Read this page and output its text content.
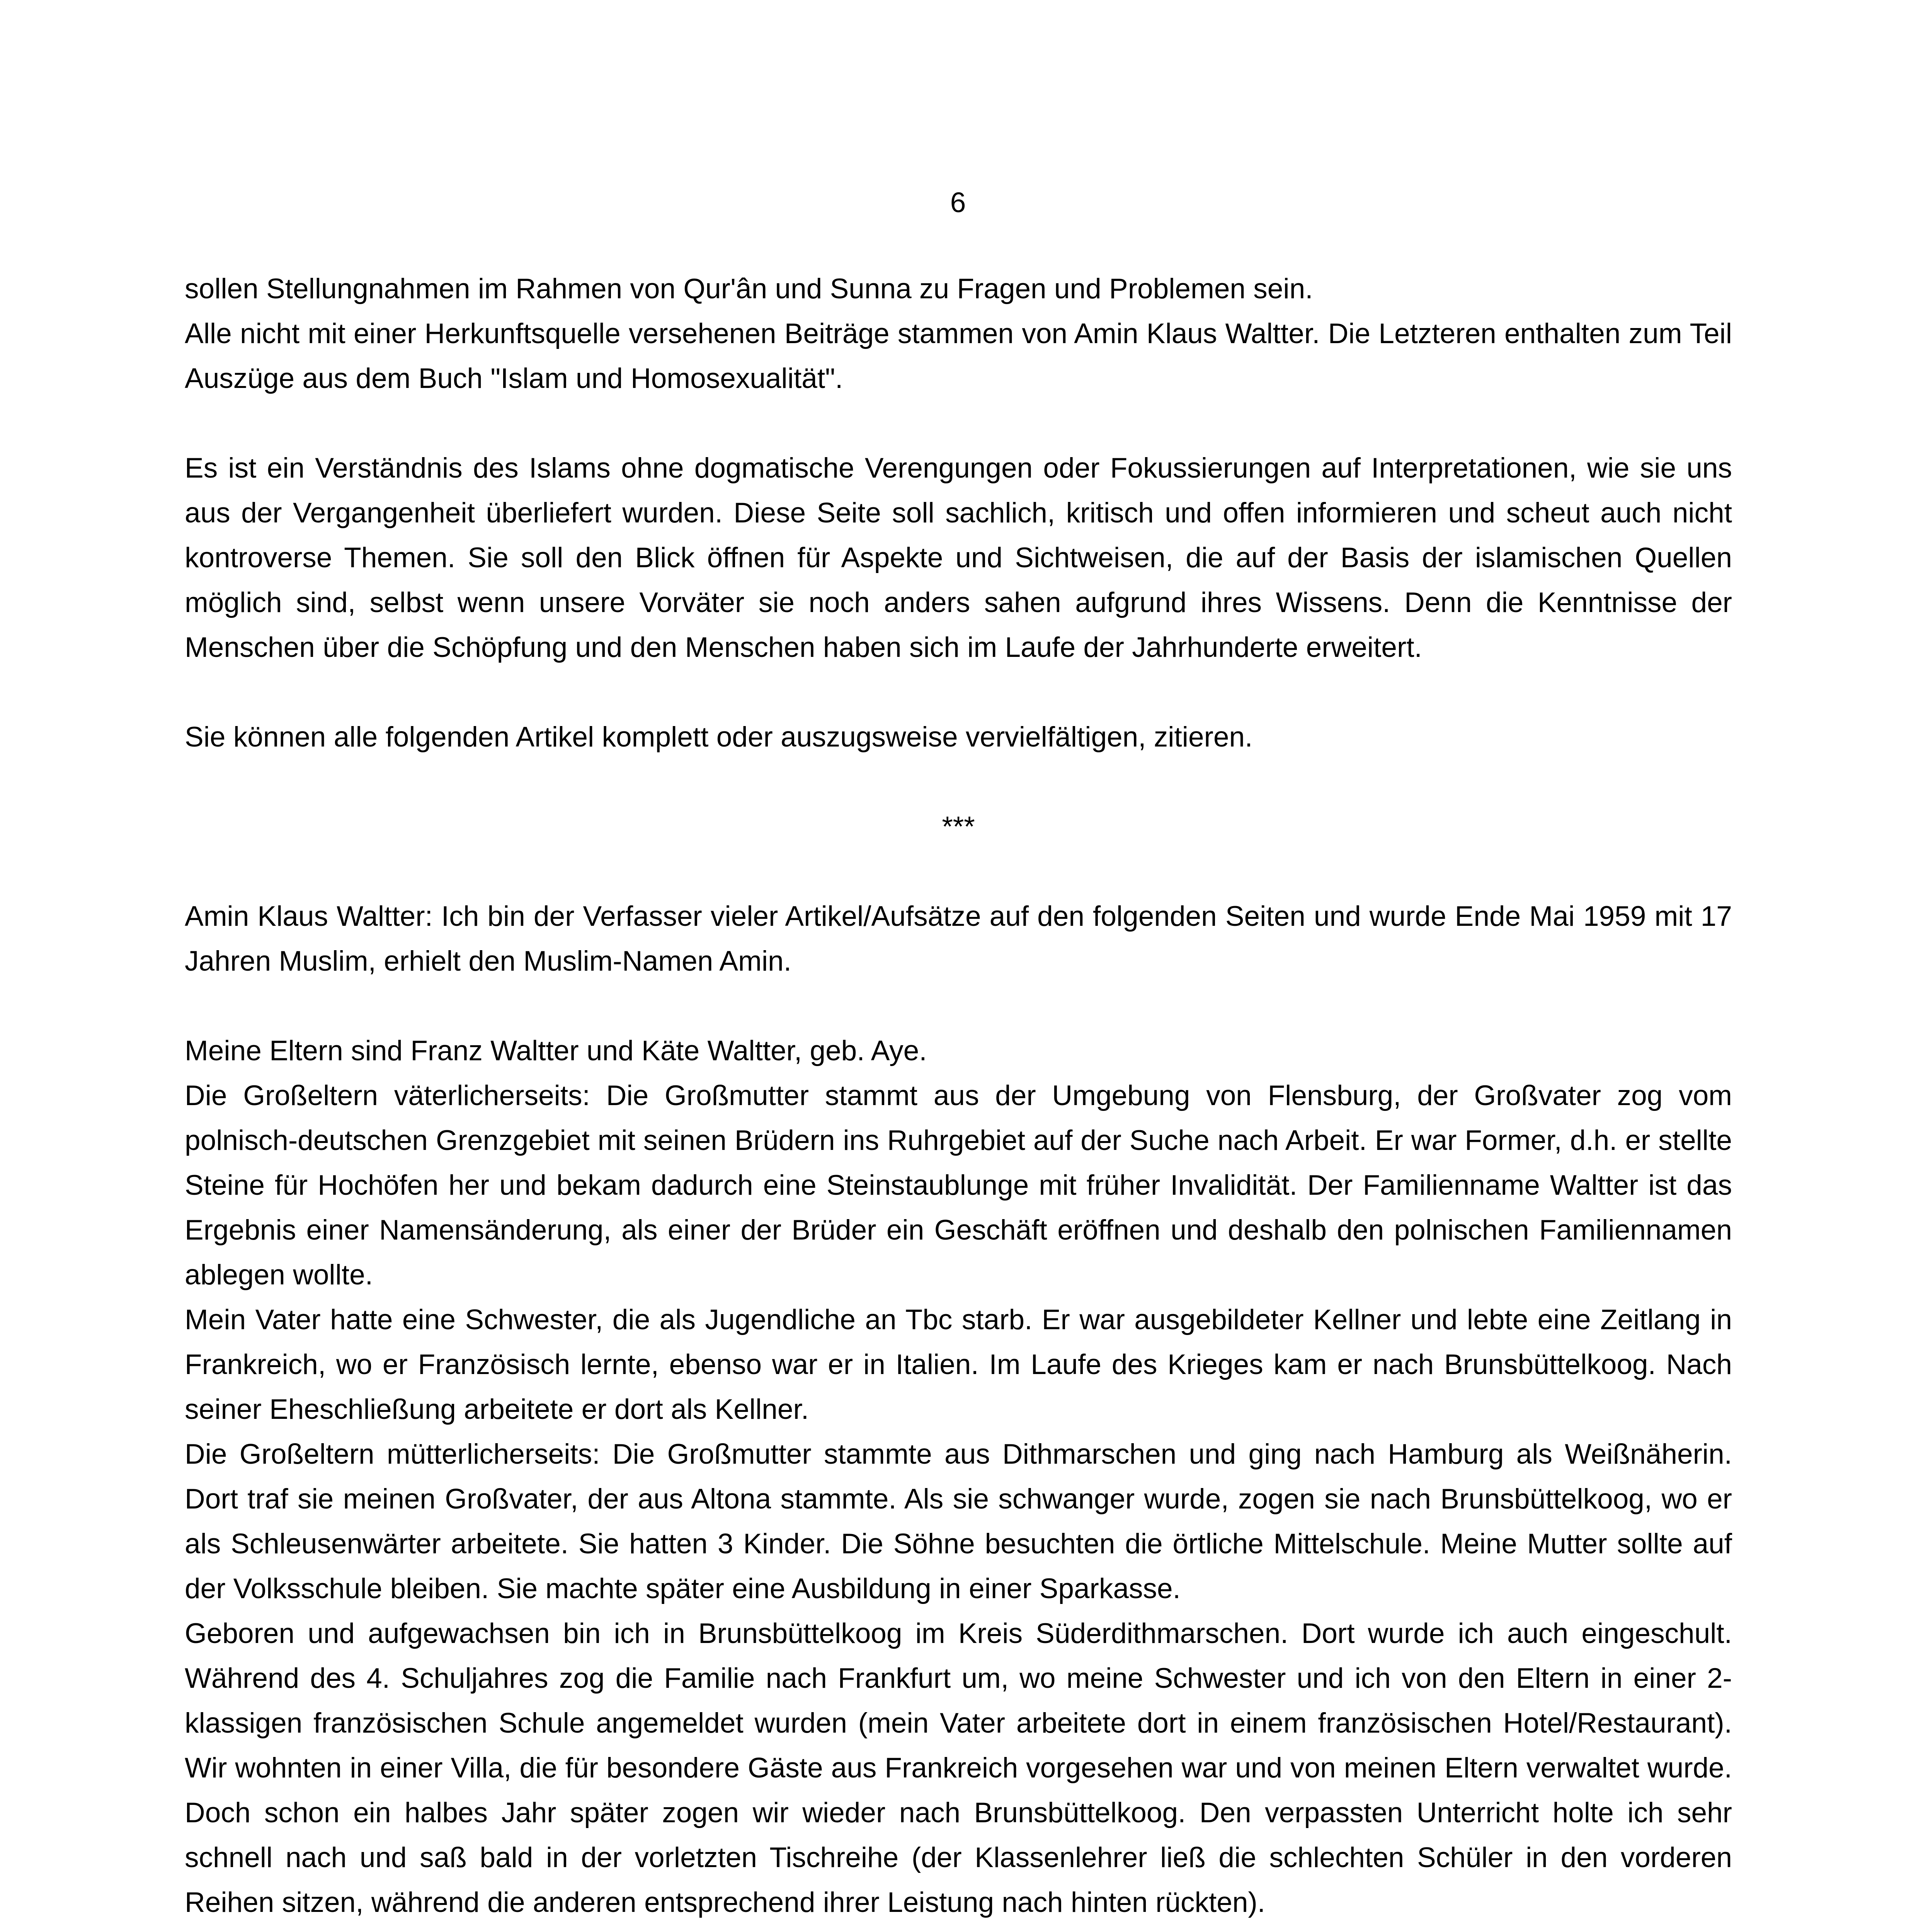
6

sollen Stellungnahmen im Rahmen von Qur'ân und Sunna zu Fragen und Problemen sein.

Alle nicht mit einer Herkunftsquelle versehenen Beiträge stammen von Amin Klaus Waltter. Die Letzteren enthalten zum Teil Auszüge aus dem Buch "Islam und Homosexualität".

Es ist ein Verständnis des Islams ohne dogmatische Verengungen oder Fokussierungen auf Interpretationen, wie sie uns aus der Vergangenheit überliefert wurden. Diese Seite soll sachlich, kritisch und offen informieren und scheut auch nicht kontroverse Themen. Sie soll den Blick öffnen für Aspekte und Sichtweisen, die auf der Basis der islamischen Quellen möglich sind, selbst wenn unsere Vorväter sie noch anders sahen aufgrund ihres Wissens. Denn die Kenntnisse der Menschen über die Schöpfung und den Menschen haben sich im Laufe der Jahrhunderte erweitert.

Sie können alle folgenden Artikel komplett oder auszugsweise vervielfältigen, zitieren.

***

Amin Klaus Waltter: Ich bin der Verfasser vieler Artikel/Aufsätze auf den folgenden Seiten und wurde Ende Mai 1959 mit 17 Jahren Muslim, erhielt den Muslim-Namen Amin.

Meine Eltern sind Franz Waltter und Käte Waltter, geb. Aye.

Die Großeltern väterlicherseits: Die Großmutter stammt aus der Umgebung von Flensburg, der Großvater zog vom polnisch-deutschen Grenzgebiet mit seinen Brüdern ins Ruhrgebiet auf der Suche nach Arbeit. Er war Former, d.h. er stellte Steine für Hochöfen her und bekam dadurch eine Steinstaublunge mit früher Invalidität. Der Familienname Waltter ist das Ergebnis einer Namensänderung, als einer der Brüder ein Geschäft eröffnen und deshalb den polnischen Familiennamen ablegen wollte.

Mein Vater hatte eine Schwester, die als Jugendliche an Tbc starb. Er war ausgebildeter Kellner und lebte eine Zeitlang in Frankreich, wo er Französisch lernte, ebenso war er in Italien. Im Laufe des Krieges kam er nach Brunsbüttelkoog. Nach seiner Eheschließung arbeitete er dort als Kellner.

Die Großeltern mütterlicherseits: Die Großmutter stammte aus Dithmarschen und ging nach Hamburg als Weißnäherin. Dort traf sie meinen Großvater, der aus Altona stammte. Als sie schwanger wurde, zogen sie nach Brunsbüttelkoog, wo er als Schleusenwärter arbeitete. Sie hatten 3 Kinder. Die Söhne besuchten die örtliche Mittelschule. Meine Mutter sollte auf der Volksschule bleiben. Sie machte später eine Ausbildung in einer Sparkasse.

Geboren und aufgewachsen bin ich in Brunsbüttelkoog im Kreis Süderdithmarschen. Dort wurde ich auch eingeschult. Während des 4. Schuljahres zog die Familie nach Frankfurt um, wo meine Schwester und ich von den Eltern in einer 2-klassigen französischen Schule angemeldet wurden (mein Vater arbeitete dort in einem französischen Hotel/Restaurant). Wir wohnten in einer Villa, die für besondere Gäste aus Frankreich vorgesehen war und von meinen Eltern verwaltet wurde. Doch schon ein halbes Jahr später zogen wir wieder nach Brunsbüttelkoog. Den verpassten Unterricht holte ich sehr schnell nach und saß bald in der vorletzten Tischreihe (der Klassenlehrer ließ die schlechten Schüler in den vorderen Reihen sitzen, während die anderen entsprechend ihrer Leistung nach hinten rückten).
